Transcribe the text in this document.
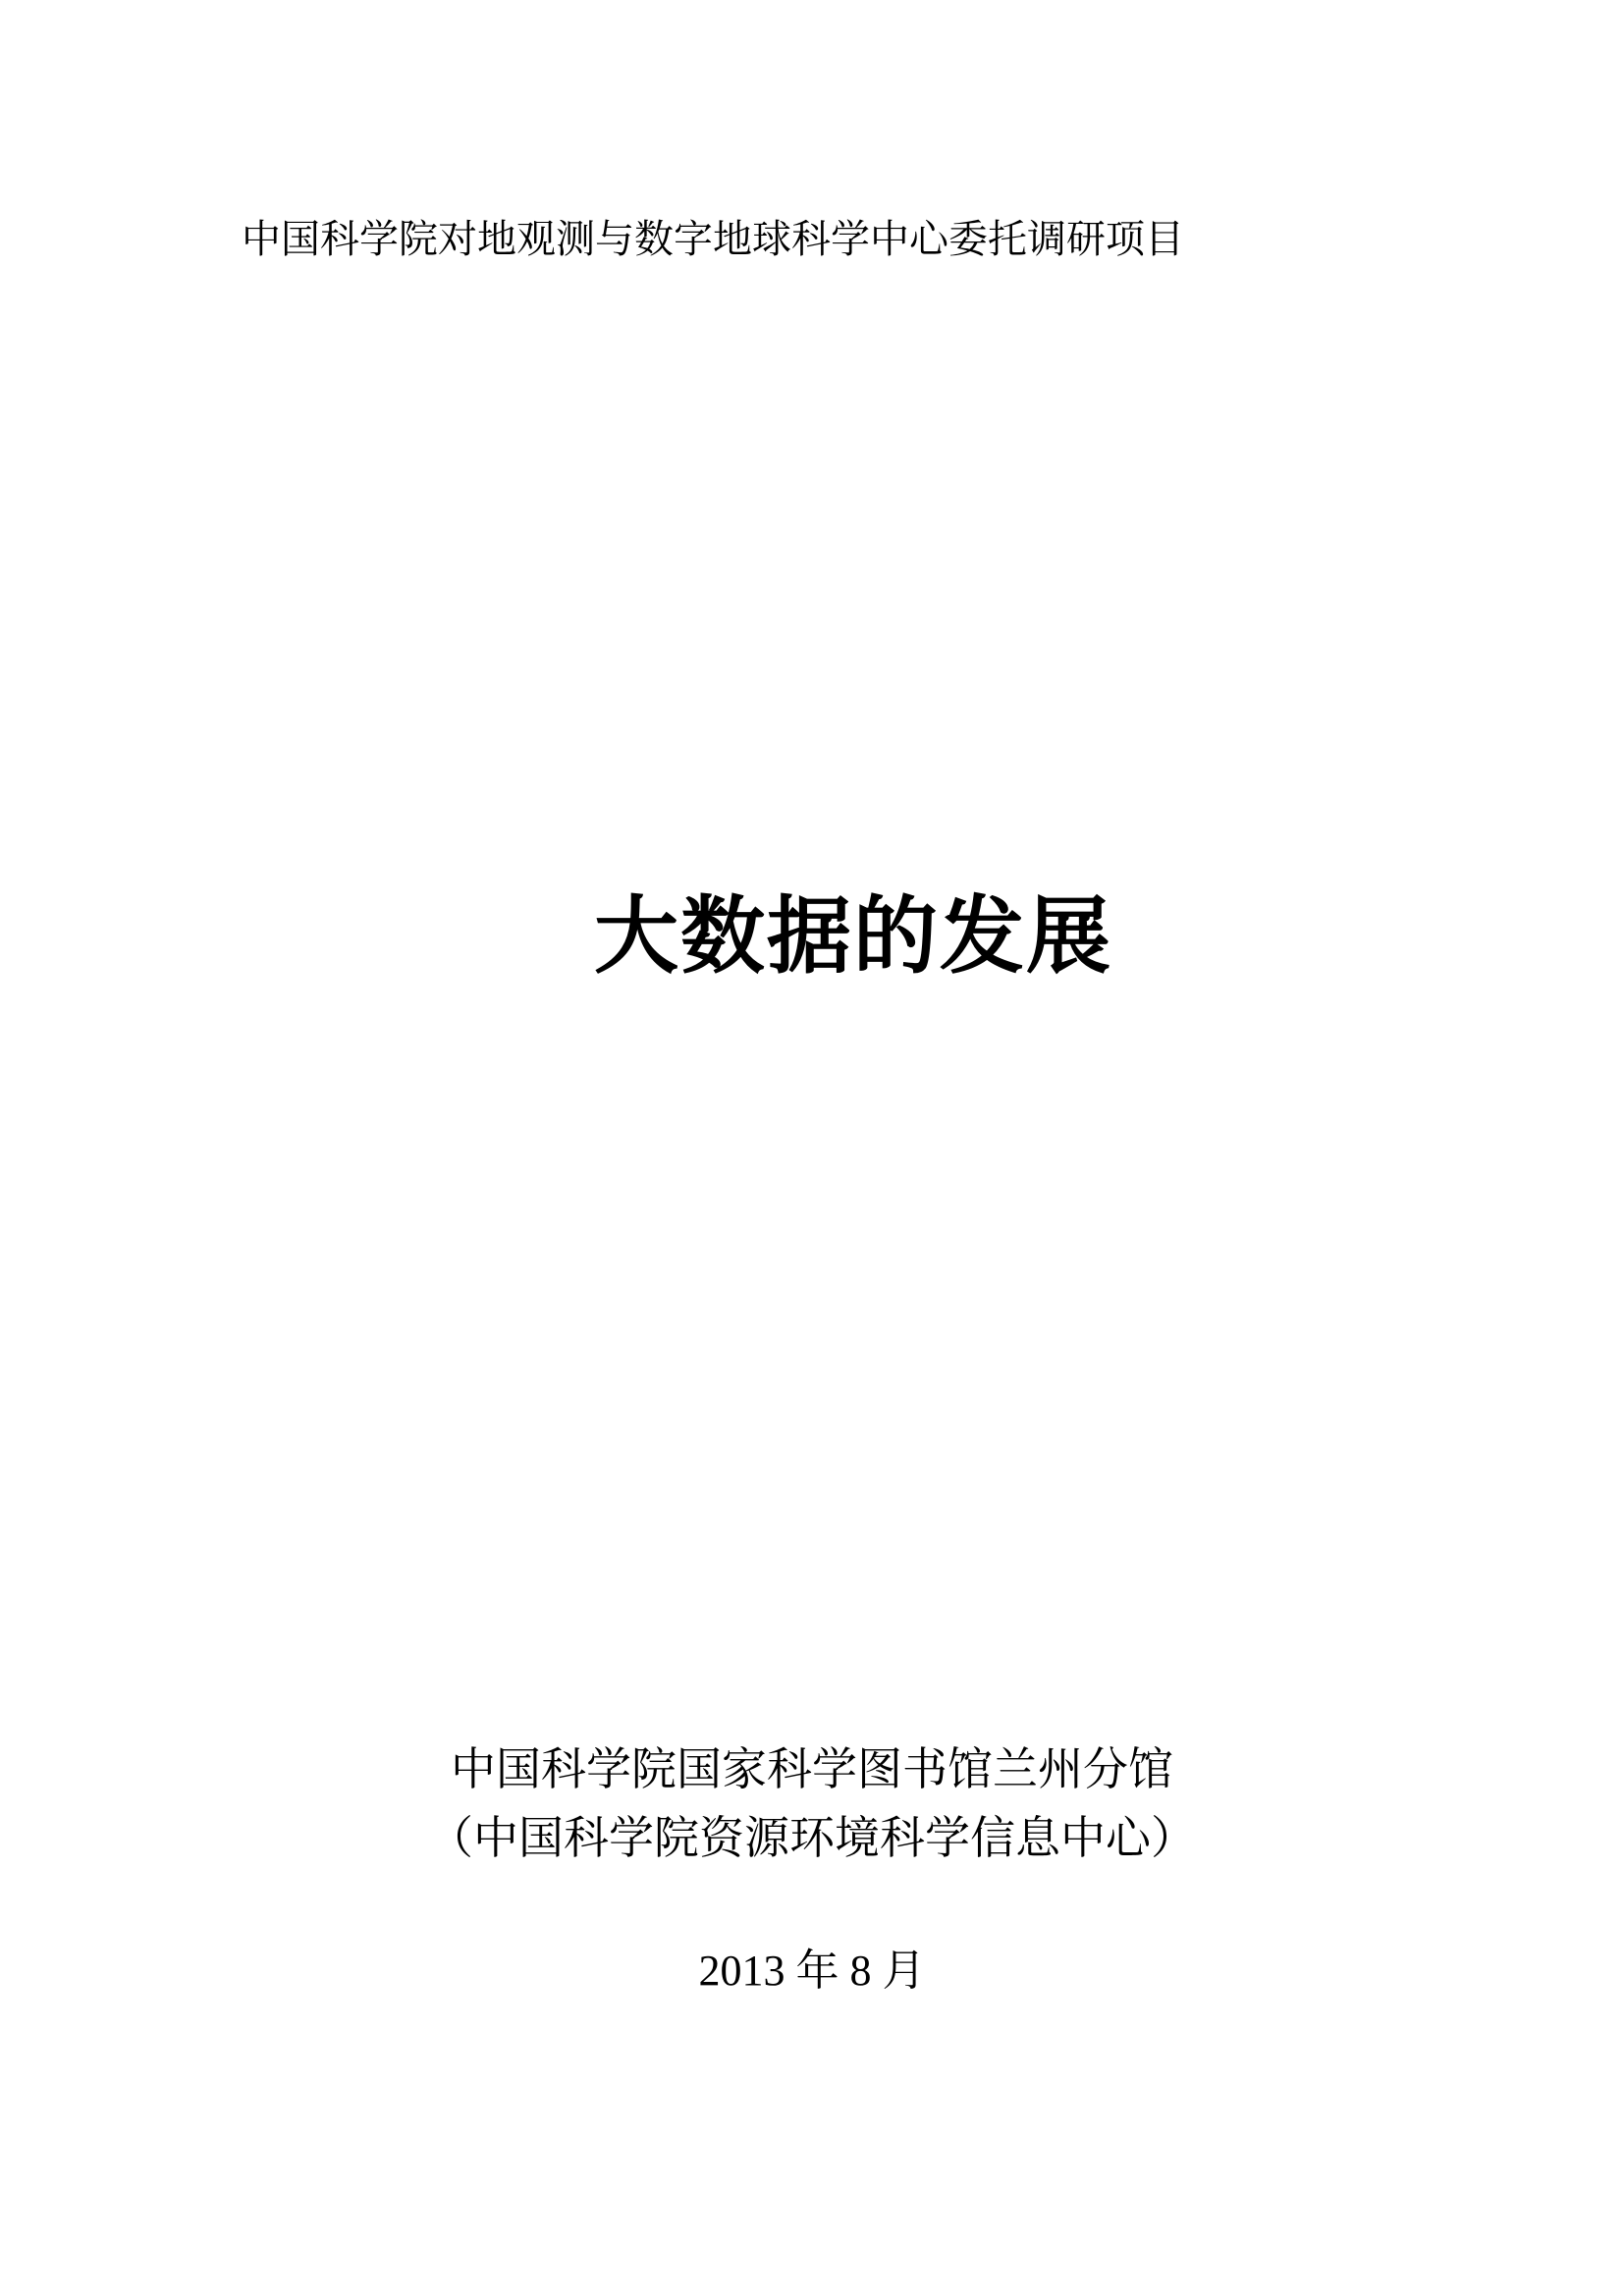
中国科学院对地观测与数字地球科学中心委托调研项目
大数据的发展
中国科学院国家科学图书馆兰州分馆
（中国科学院资源环境科学信息中心）
2013 年 8 月
